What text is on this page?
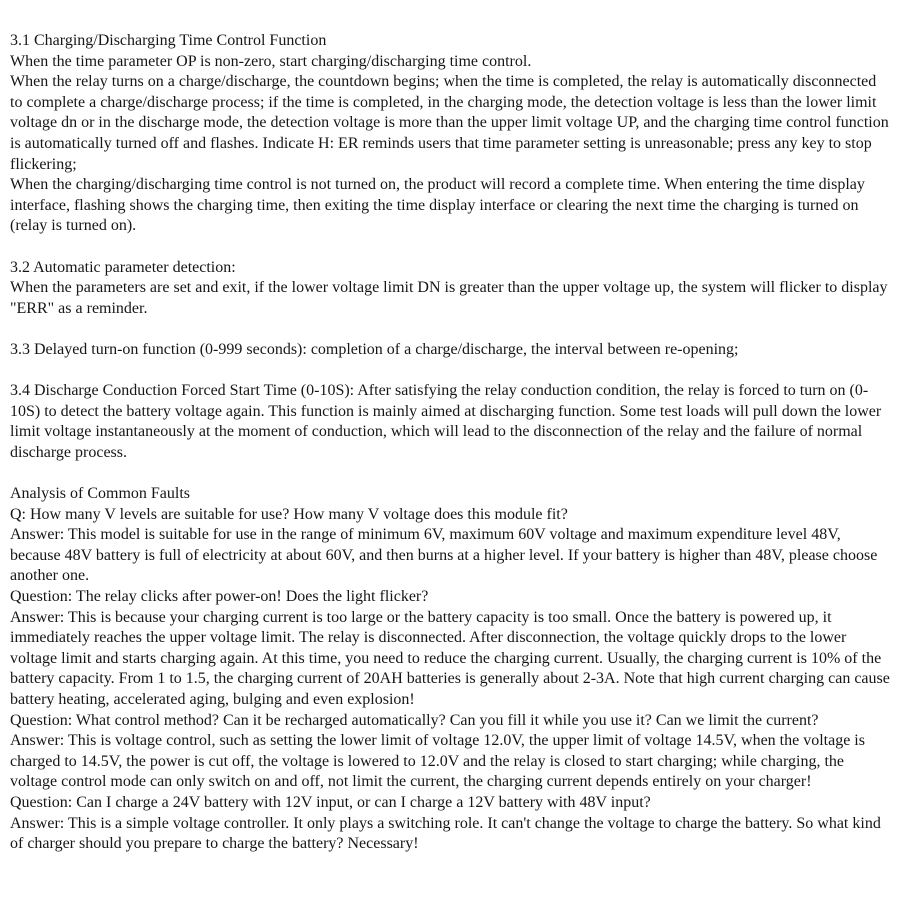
3.1 Charging/Discharging Time Control Function

When the time parameter OP is non-zero, start charging/discharging time control.

When the relay turns on a charge/discharge, the countdown begins; when the time is completed, the relay is automatically disconnected to complete a charge/discharge process; if the time is completed, in the charging mode, the detection voltage is less than the lower limit voltage dn or in the discharge mode, the detection voltage is more than the upper limit voltage UP, and the charging time control function is automatically turned off and flashes. Indicate H: ER reminds users that time parameter setting is unreasonable; press any key to stop flickering;

When the charging/discharging time control is not turned on, the product will record a complete time. When entering the time display interface, flashing shows the charging time, then exiting the time display interface or clearing the next time the charging is turned on (relay is turned on).

3.2 Automatic parameter detection:

When the parameters are set and exit, if the lower voltage limit DN is greater than the upper voltage up, the system will flicker to display "ERR" as a reminder.

3.3 Delayed turn-on function (0-999 seconds): completion of a charge/discharge, the interval between re-opening;

3.4 Discharge Conduction Forced Start Time (0-10S): After satisfying the relay conduction condition, the relay is forced to turn on (0-10S) to detect the battery voltage again. This function is mainly aimed at discharging function. Some test loads will pull down the lower limit voltage instantaneously at the moment of conduction, which will lead to the disconnection of the relay and the failure of normal discharge process.

Analysis of Common Faults

Q: How many V levels are suitable for use? How many V voltage does this module fit?

Answer: This model is suitable for use in the range of minimum 6V, maximum 60V voltage and maximum expenditure level 48V, because 48V battery is full of electricity at about 60V, and then burns at a higher level. If your battery is higher than 48V, please choose another one.

Question: The relay clicks after power-on! Does the light flicker?

Answer: This is because your charging current is too large or the battery capacity is too small. Once the battery is powered up, it immediately reaches the upper voltage limit. The relay is disconnected. After disconnection, the voltage quickly drops to the lower voltage limit and starts charging again. At this time, you need to reduce the charging current. Usually, the charging current is 10% of the battery capacity. From 1 to 1.5, the charging current of 20AH batteries is generally about 2-3A. Note that high current charging can cause battery heating, accelerated aging, bulging and even explosion!

Question: What control method? Can it be recharged automatically? Can you fill it while you use it? Can we limit the current?

Answer: This is voltage control, such as setting the lower limit of voltage 12.0V, the upper limit of voltage 14.5V, when the voltage is charged to 14.5V, the power is cut off, the voltage is lowered to 12.0V and the relay is closed to start charging; while charging, the voltage control mode can only switch on and off, not limit the current, the charging current depends entirely on your charger!

Question: Can I charge a 24V battery with 12V input, or can I charge a 12V battery with 48V input?

Answer: This is a simple voltage controller. It only plays a switching role. It can't change the voltage to charge the battery. So what kind of charger should you prepare to charge the battery? Necessary!
